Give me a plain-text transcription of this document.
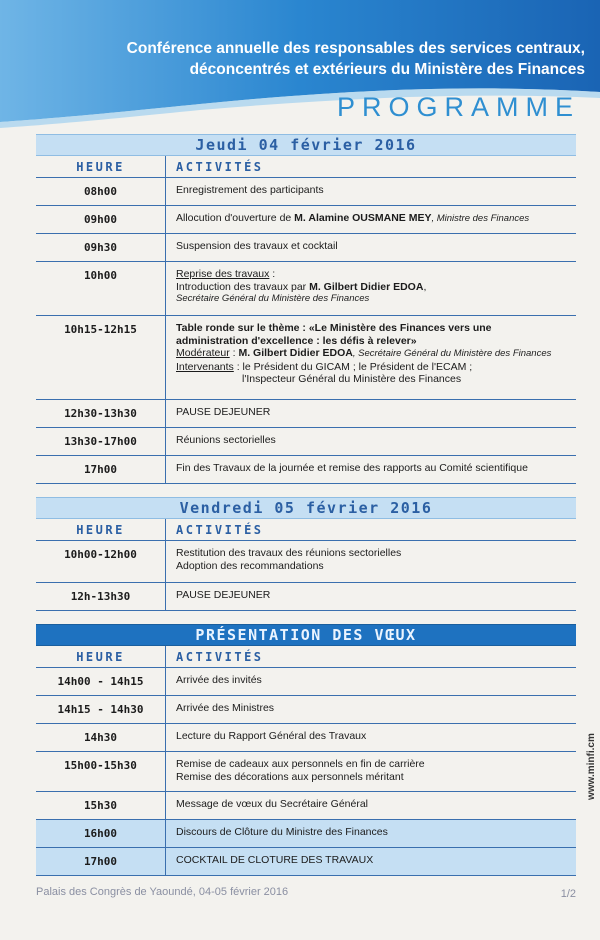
Conférence annuelle des responsables des services centraux,
déconcentrés et extérieurs du Ministère des Finances
PROGRAMME
Jeudi 04 février 2016
HEURE	ACTIVITÉS
08h00	Enregistrement des participants
09h00	Allocution d'ouverture de M. Alamine OUSMANE MEY, Ministre des Finances
09h30	Suspension des travaux et cocktail
10h00	Reprise des travaux :
Introduction des travaux par M. Gilbert Didier EDOA,
Secrétaire Général du Ministère des Finances
10h15-12h15	Table ronde sur le thème : «Le Ministère des Finances vers une
administration d'excellence : les défis à relever»
Modérateur : M. Gilbert Didier EDOA, Secrétaire Général du Ministère des Finances
Intervenants : le Président du GICAM ; le Président de l'ECAM ;
l'Inspecteur Général du Ministère des Finances
12h30-13h30	PAUSE DEJEUNER
13h30-17h00	Réunions sectorielles
17h00	Fin des Travaux de la journée et remise des rapports au Comité scientifique
Vendredi 05 février 2016
HEURE	ACTIVITÉS
10h00-12h00	Restitution des travaux des réunions sectorielles
Adoption des recommandations
12h-13h30	PAUSE DEJEUNER
PRÉSENTATION DES VŒUX
HEURE	ACTIVITÉS
14h00 - 14h15	Arrivée des invités
14h15 - 14h30	Arrivée des Ministres
14h30	Lecture du Rapport Général des Travaux
15h00-15h30	Remise de cadeaux aux personnels en fin de carrière
Remise des décorations aux personnels méritant
15h30	Message de vœux du Secrétaire Général
16h00	Discours de Clôture du Ministre des Finances
17h00	COCKTAIL DE CLOTURE DES TRAVAUX
Palais des Congrès de Yaoundé, 04-05 février 2016	1/2
www.minfi.cm
